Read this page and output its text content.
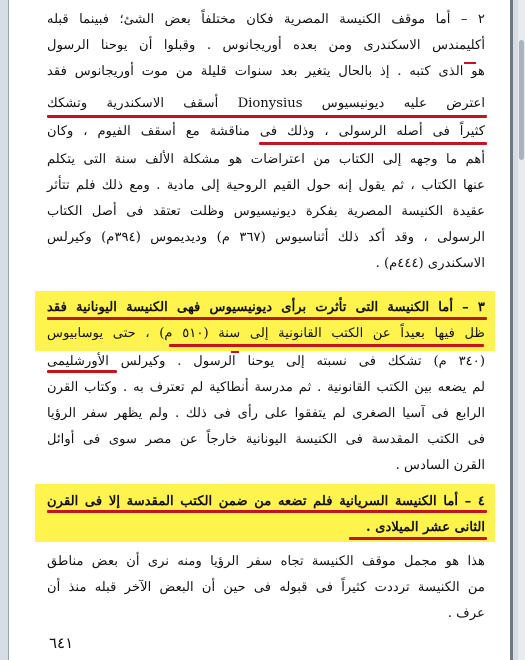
٢ – أما موقف الكنيسة المصرية فكان مختلفاً بعض الشئ؛ فبينما قبله
أكليمندس الاسكندرى ومن بعده أوريجانوس . وقبلوا أن يوحنا الرسول
هو الذى كتبه . إذ بالحال يتغير بعد سنوات قليلة من موت أوريجانوس فقد
اعترض عليه ديونيسيوس Dionysius أسقف الاسكندرية وتشكك
كثيراً فى أصله الرسولى ، وذلك فى مناقشة مع أسقف الفيوم ، وكان
أهم ما وجهه إلى الكتاب من اعتراضات هو مشكلة الألف سنة التى يتكلم
عنها الكتاب ، ثم يقول إنه حول القيم الروحية إلى مادية . ومع ذلك فلم تتأثر
عقيدة الكنيسة المصرية بفكرة ديونيسيوس وظلت تعتقد فى أصل الكتاب
الرسولى ، وقد أكد ذلك أثناسيوس (٣٦٧ م) وديديموس (٣٩٤م) وكيرلس
الاسكندرى (٤٤٤م) .
٣ – أما الكنيسة التى تأثرت برأى ديونيسيوس فهى الكنيسة اليونانية فقد
ظل فيها بعيداً عن الكتب القانونية إلى سنة (٥١٠ م) ، حتى يوسابيوس
(٣٤٠ م) تشكك فى نسبته إلى يوحنا الرسول . وكيرلس الأورشليمى
لم يضعه بين الكتب القانونية . ثم مدرسة أنطاكية لم تعترف به . وكتاب القرن
الرابع فى آسيا الصغرى لم يتفقوا على رأى فى ذلك . ولم يظهر سفر الرؤيا
فى الكتب المقدسة فى الكنيسة اليونانية خارجاً عن مصر سوى فى أوائل
القرن السادس .
٤ – أما الكنيسة السريانية فلم تضعه من ضمن الكتب المقدسة إلا فى القرن
الثانى عشر الميلادى .
هذا هو مجمل موقف الكنيسة تجاه سفر الرؤيا ومنه نرى أن بعض مناطق
من الكنيسة ترددت كثيراً فى قبوله فى حين أن البعض الآخر قبله منذ أن
عرف .
٦٤١
